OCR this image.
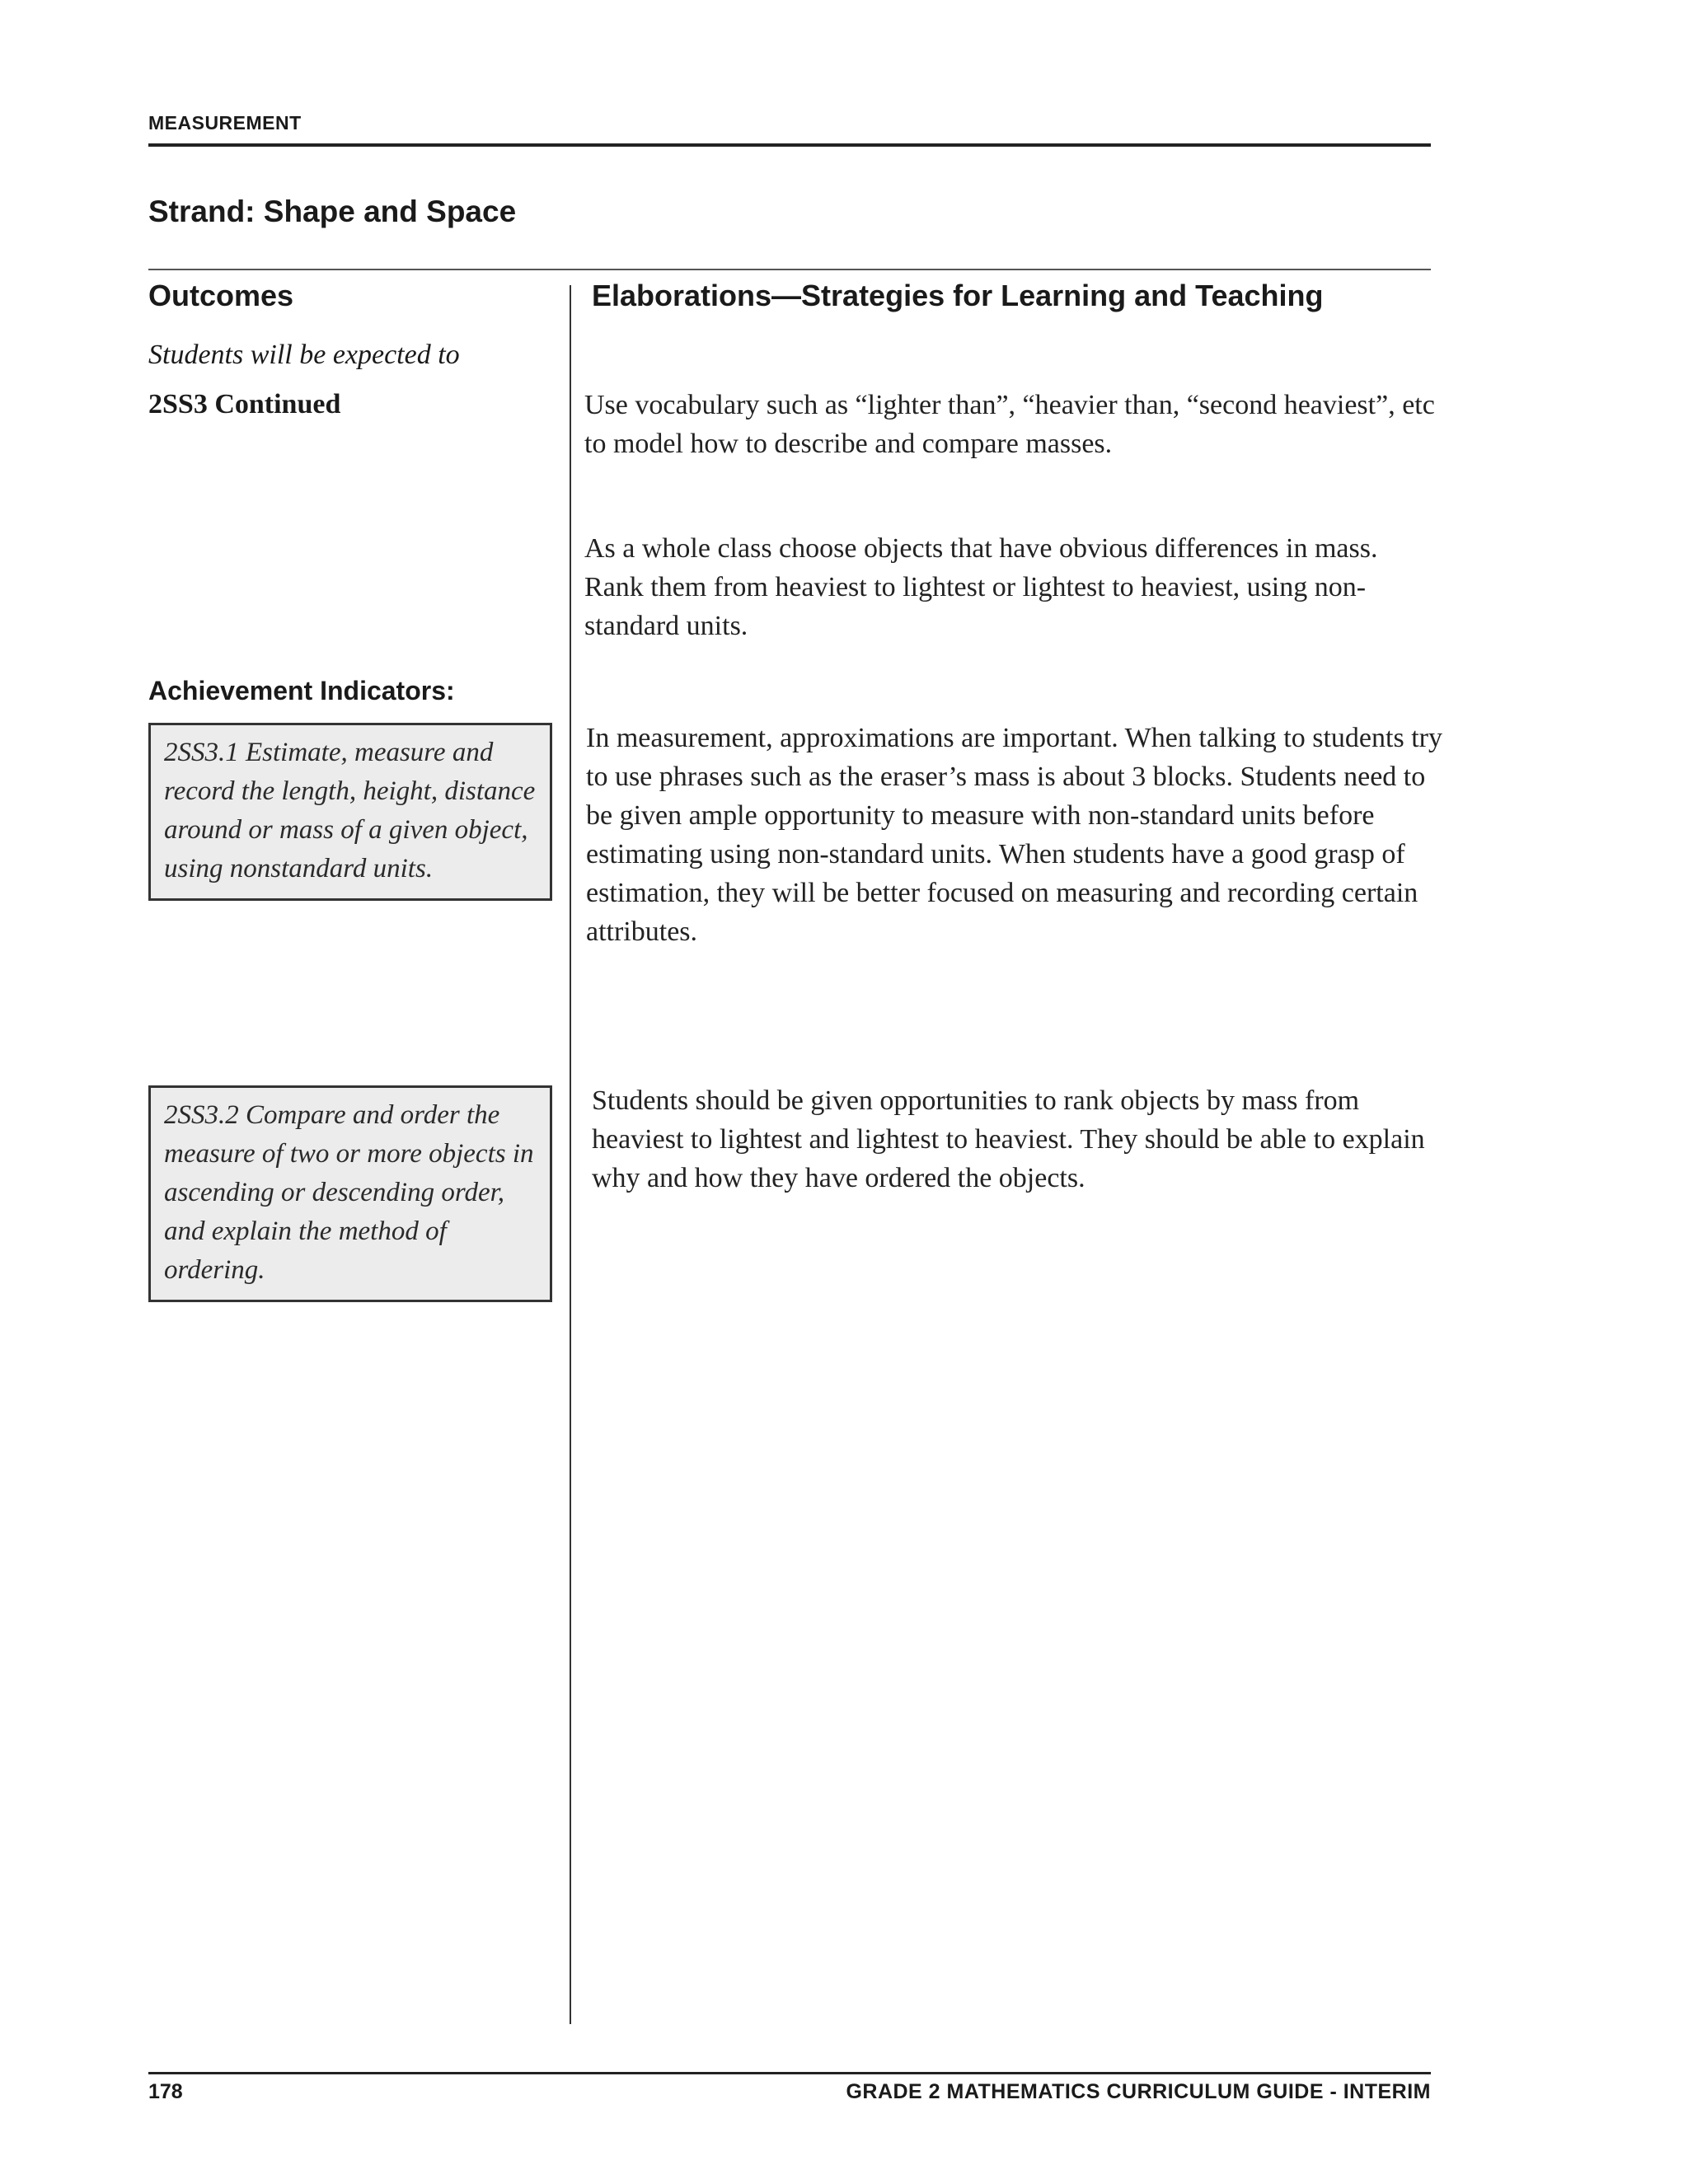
MEASUREMENT
Strand: Shape and Space
Outcomes	Elaborations—Strategies for Learning and Teaching
Students will be expected to
2SS3 Continued
Achievement Indicators:
2SS3.1 Estimate, measure and record the length, height, distance around or mass of a given object, using nonstandard units.
2SS3.2 Compare and order the measure of two or more objects in ascending or descending order, and explain the method of ordering.
Use vocabulary such as “lighter than”, “heavier than, “second heaviest”, etc to model how to describe and compare masses.
As a whole class choose objects that have obvious differences in mass. Rank them from heaviest to lightest or lightest to heaviest, using non-standard units.
In measurement, approximations are important. When talking to students try to use phrases such as the eraser’s mass is about 3 blocks. Students need to be given ample opportunity to measure with non-standard units before estimating using non-standard units. When students have a good grasp of estimation, they will be better focused on measuring and recording certain attributes.
Students should be given opportunities to rank objects by mass from heaviest to lightest and lightest to heaviest. They should be able to explain why and how they have ordered the objects.
178	GRADE 2 MATHEMATICS CURRICULUM GUIDE - INTERIM
